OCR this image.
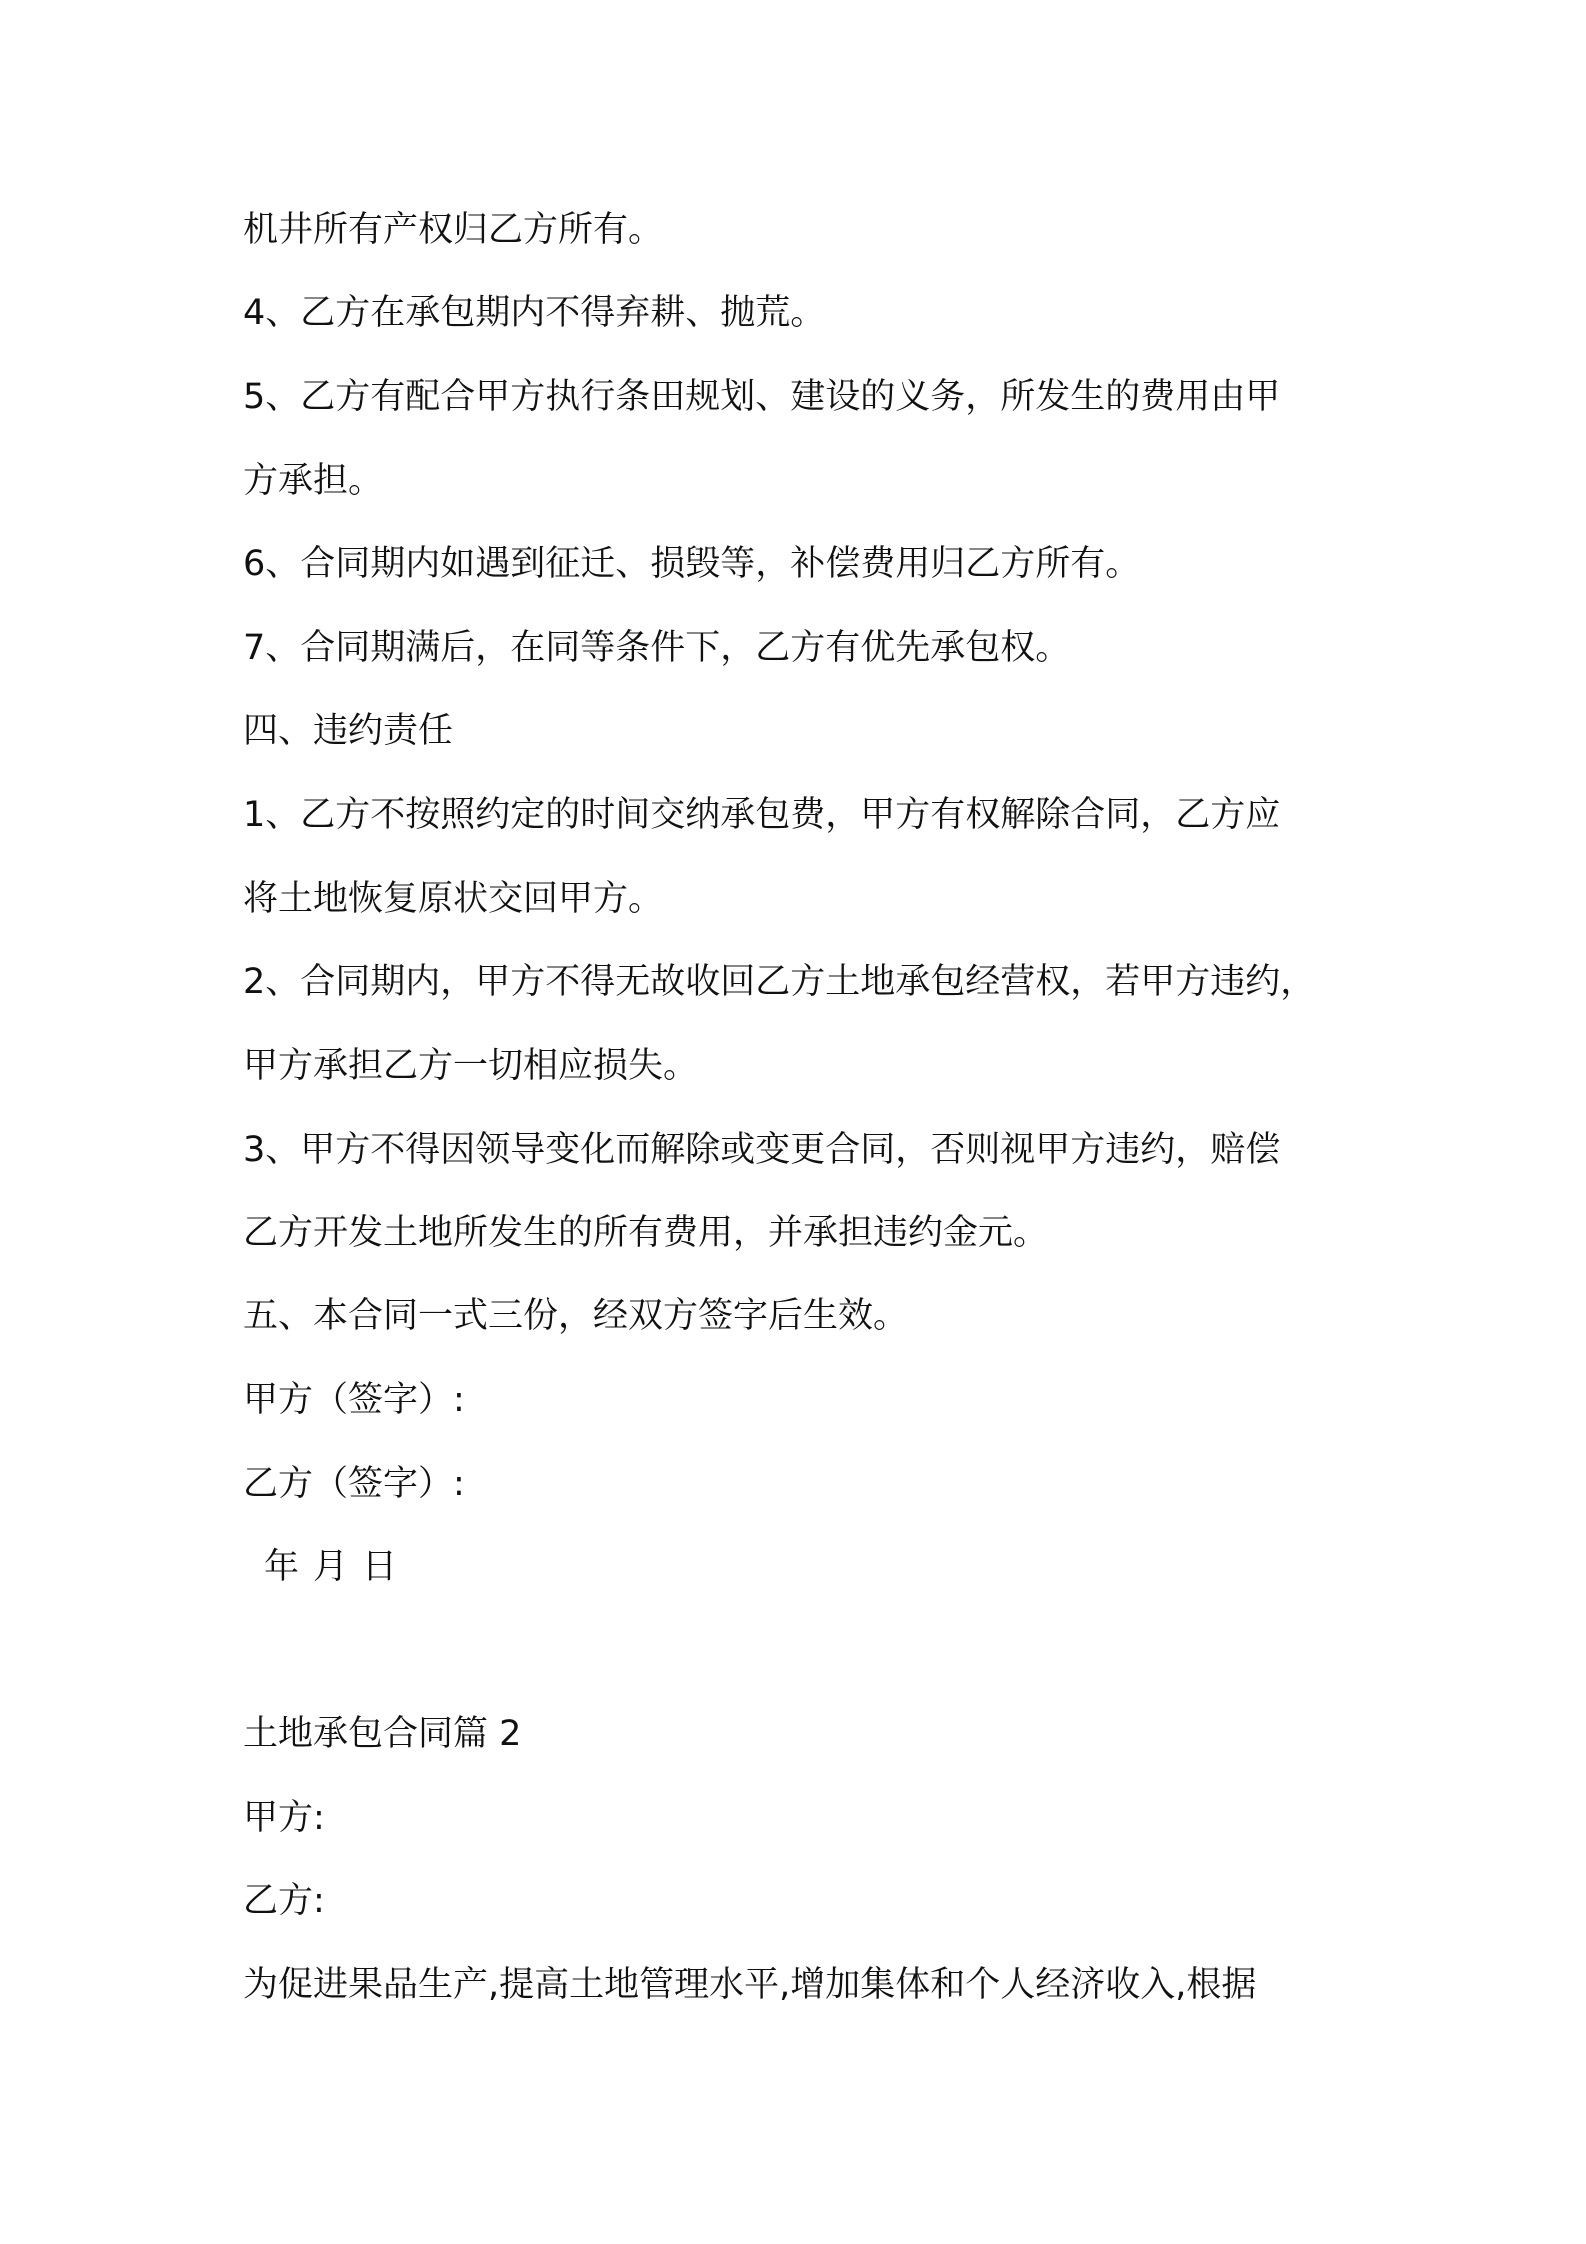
机井所有产权归乙方所有。

4、乙方在承包期内不得弃耕、抛荒。

5、乙方有配合甲方执行条田规划、建设的义务，所发生的费用由甲

方承担。

6、合同期内如遇到征迁、损毁等，补偿费用归乙方所有。

7、合同期满后，在同等条件下，乙方有优先承包权。

四、违约责任

1、乙方不按照约定的时间交纳承包费，甲方有权解除合同，乙方应

将土地恢复原状交回甲方。

2、合同期内，甲方不得无故收回乙方土地承包经营权，若甲方违约，

甲方承担乙方一切相应损失。

3、甲方不得因领导变化而解除或变更合同，否则视甲方违约，赔偿

乙方开发土地所发生的所有费用，并承担违约金元。

五、本合同一式三份，经双方签字后生效。

甲方（签字）:

乙方（签字）:

年 月 日

土地承包合同篇 2

甲方:

乙方:

为促进果品生产,提高土地管理水平,增加集体和个人经济收入,根据
